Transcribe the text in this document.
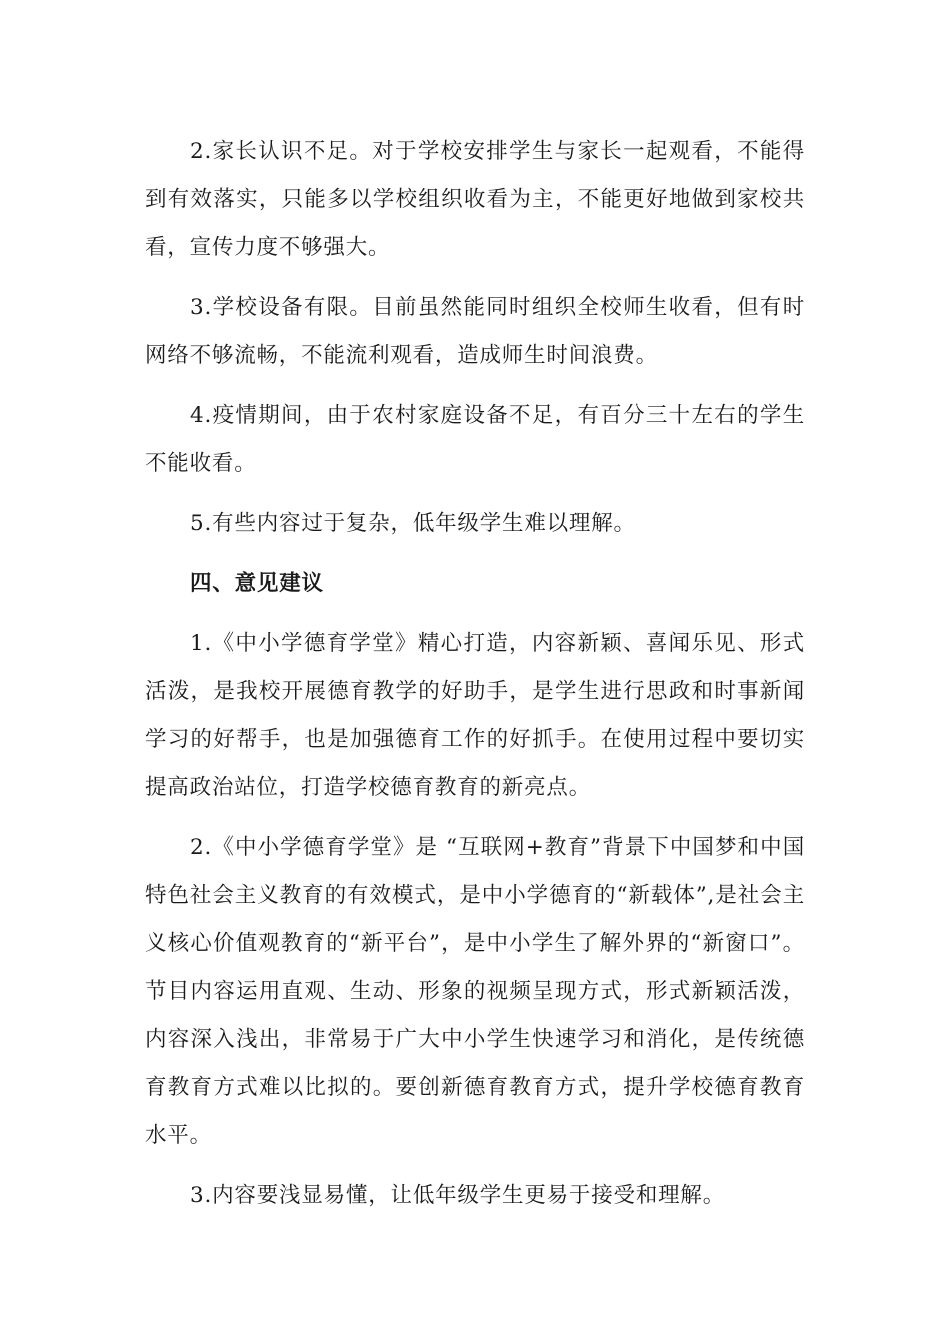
2.家长认识不足。对于学校安排学生与家长一起观看，不能得到有效落实，只能多以学校组织收看为主，不能更好地做到家校共看，宣传力度不够强大。

3.学校设备有限。目前虽然能同时组织全校师生收看，但有时网络不够流畅，不能流利观看，造成师生时间浪费。

4.疫情期间，由于农村家庭设备不足，有百分三十左右的学生不能收看。

5.有些内容过于复杂，低年级学生难以理解。

四、意见建议

1.《中小学德育学堂》精心打造，内容新颖、喜闻乐见、形式活泼，是我校开展德育教学的好助手，是学生进行思政和时事新闻学习的好帮手，也是加强德育工作的好抓手。在使用过程中要切实提高政治站位，打造学校德育教育的新亮点。

2.《中小学德育学堂》是 “互联网+教育”背景下中国梦和中国特色社会主义教育的有效模式，是中小学德育的“新载体”,是社会主义核心价值观教育的“新平台”，是中小学生了解外界的“新窗口”。节目内容运用直观、生动、形象的视频呈现方式，形式新颖活泼，内容深入浅出，非常易于广大中小学生快速学习和消化，是传统德育教育方式难以比拟的。要创新德育教育方式，提升学校德育教育水平。

3.内容要浅显易懂，让低年级学生更易于接受和理解。
